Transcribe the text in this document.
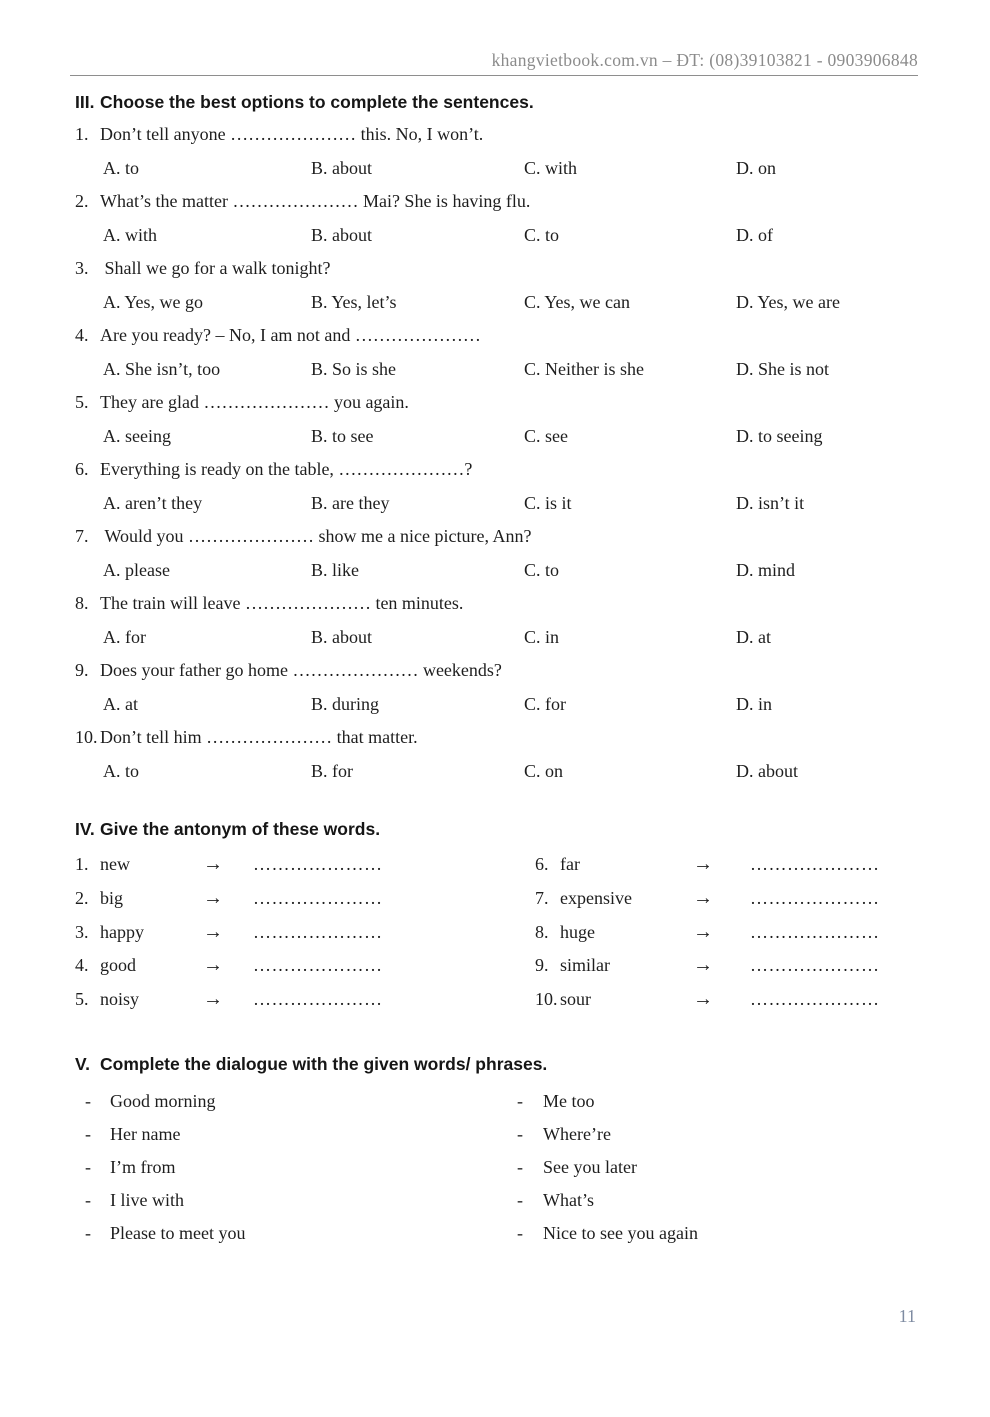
khangvietbook.com.vn – ĐT: (08)39103821 - 0903906848
III. Choose the best options to complete the sentences.
1. Don’t tell anyone ………………… this. No, I won’t.
A. to	B. about	C. with	D. on
2. What’s the matter ………………… Mai? She is having flu.
A. with	B. about	C. to	D. of
3. Shall we go for a walk tonight?
A. Yes, we go	B. Yes, let’s	C. Yes, we can	D. Yes, we are
4. Are you ready? – No, I am not and …………………
A. She isn’t, too	B. So is she	C. Neither is she	D. She is not
5. They are glad ………………… you again.
A. seeing	B. to see	C. see	D. to seeing
6. Everything is ready on the table, …………………?
A. aren’t they	B. are they	C. is it	D. isn’t it
7. Would you ………………… show me a nice picture, Ann?
A. please	B. like	C. to	D. mind
8. The train will leave ………………… ten minutes.
A. for	B. about	C. in	D. at
9. Does your father go home ………………… weekends?
A. at	B. during	C. for	D. in
10. Don’t tell him ………………… that matter.
A. to	B. for	C. on	D. about
IV. Give the antonym of these words.
1. new	→	…………………	6. far	→	…………………
2. big	→	…………………	7. expensive	→	…………………
3. happy	→	…………………	8. huge	→	…………………
4. good	→	…………………	9. similar	→	…………………
5. noisy	→	…………………	10. sour	→	…………………
V. Complete the dialogue with the given words/ phrases.
-	Good morning	-	Me too
-	Her name	-	Where’re
-	I’m from	-	See you later
-	I live with	-	What’s
-	Please to meet you	-	Nice to see you again
11
